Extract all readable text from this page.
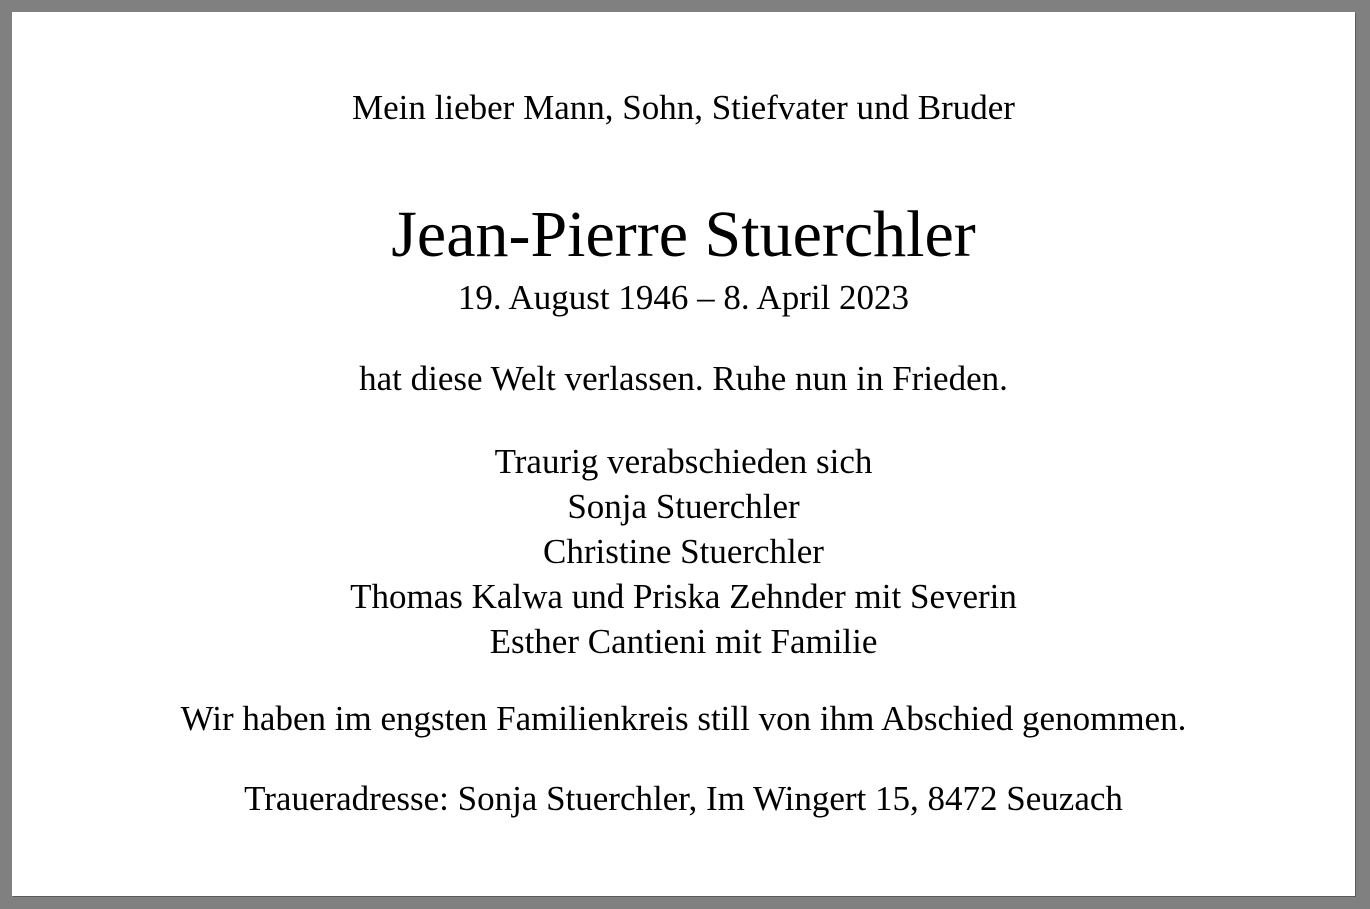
Mein lieber Mann, Sohn, Stiefvater und Bruder

Jean-Pierre Stuerchler

19. August 1946 – 8. April 2023

hat diese Welt verlassen. Ruhe nun in Frieden.

Traurig verabschieden sich
Sonja Stuerchler
Christine Stuerchler
Thomas Kalwa und Priska Zehnder mit Severin
Esther Cantieni mit Familie

Wir haben im engsten Familienkreis still von ihm Abschied genommen.

Traueradresse: Sonja Stuerchler, Im Wingert 15, 8472 Seuzach
